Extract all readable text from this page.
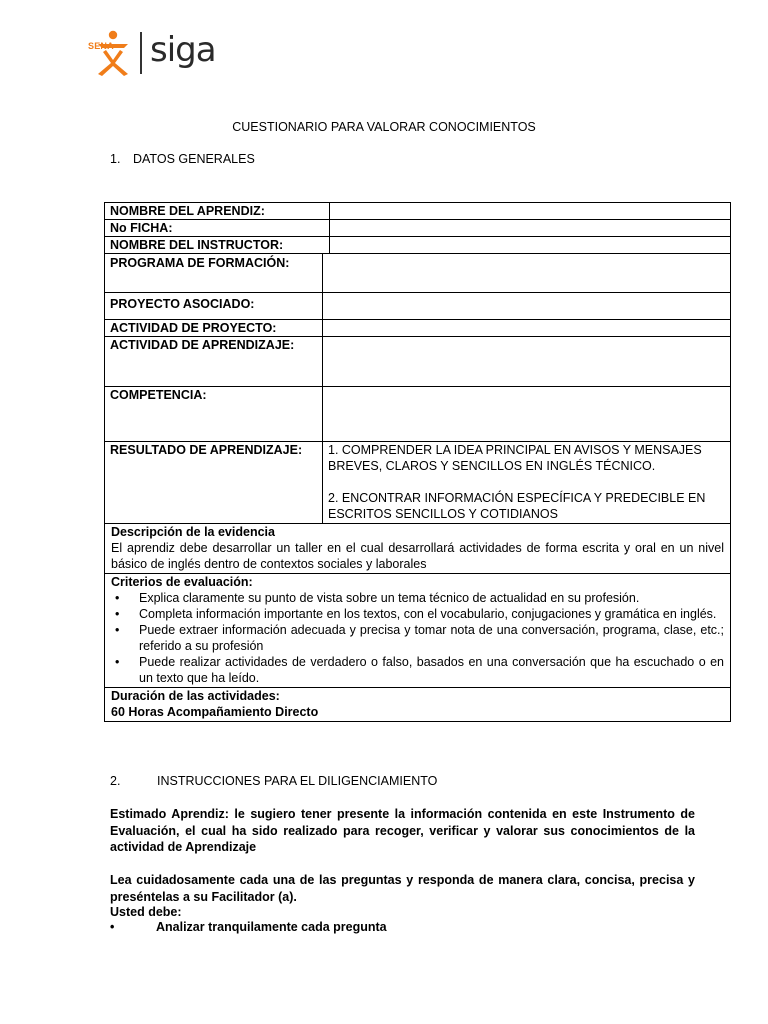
SENA siga
CUESTIONARIO PARA VALORAR CONOCIMIENTOS
1. DATOS GENERALES
NOMBRE DEL APRENDIZ:	
No FICHA:	
NOMBRE DEL INSTRUCTOR:	
PROGRAMA DE FORMACIÓN:	
PROYECTO ASOCIADO:	
ACTIVIDAD DE PROYECTO:	
ACTIVIDAD DE APRENDIZAJE:	
COMPETENCIA:	
RESULTADO DE APRENDIZAJE:	1. COMPRENDER LA IDEA PRINCIPAL EN AVISOS Y MENSAJES BREVES, CLAROS Y SENCILLOS EN INGLÉS TÉCNICO.
2. ENCONTRAR INFORMACIÓN ESPECÍFICA Y PREDECIBLE EN ESCRITOS SENCILLOS Y COTIDIANOS
Descripción de la evidencia
El aprendiz debe desarrollar un taller en el cual desarrollará actividades de forma escrita y oral en un nivel básico de inglés dentro de contextos sociales y laborales

Criterios de evaluación:
• Explica claramente su punto de vista sobre un tema técnico de actualidad en su profesión.
• Completa información importante en los textos, con el vocabulario, conjugaciones y gramática en inglés.
• Puede extraer información adecuada y precisa y tomar nota de una conversación, programa, clase, etc.; referido a su profesión
• Puede realizar actividades de verdadero o falso, basados en una conversación que ha escuchado o en un texto que ha leído.

Duración de las actividades:
60 Horas Acompañamiento Directo
2.	INSTRUCCIONES PARA EL DILIGENCIAMIENTO
Estimado Aprendiz: le sugiero tener presente la información contenida en este Instrumento de Evaluación, el cual ha sido realizado para recoger, verificar y valorar sus conocimientos de la actividad de Aprendizaje
Lea cuidadosamente cada una de las preguntas y responda de manera clara, concisa, precisa y preséntelas a su Facilitador (a).
Usted debe:
•	Analizar tranquilamente cada pregunta
